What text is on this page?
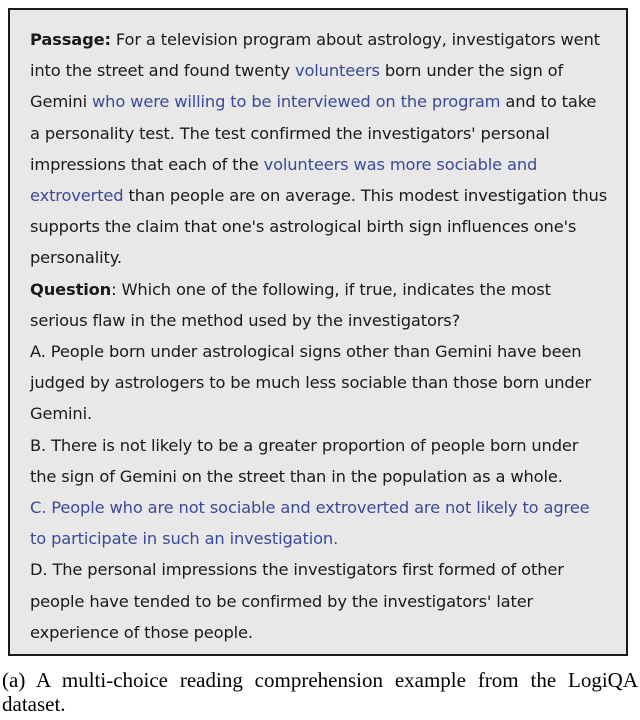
Passage: For a television program about astrology, investigators went into the street and found twenty volunteers born under the sign of Gemini who were willing to be interviewed on the program and to take a personality test. The test confirmed the investigators' personal impressions that each of the volunteers was more sociable and extroverted than people are on average. This modest investigation thus supports the claim that one's astrological birth sign influences one's personality.

Question: Which one of the following, if true, indicates the most serious flaw in the method used by the investigators?

A. People born under astrological signs other than Gemini have been judged by astrologers to be much less sociable than those born under Gemini.

B. There is not likely to be a greater proportion of people born under the sign of Gemini on the street than in the population as a whole.

C. People who are not sociable and extroverted are not likely to agree to participate in such an investigation.

D. The personal impressions the investigators first formed of other people have tended to be confirmed by the investigators' later experience of those people.

(a) A multi-choice reading comprehension example from the LogiQA dataset.
